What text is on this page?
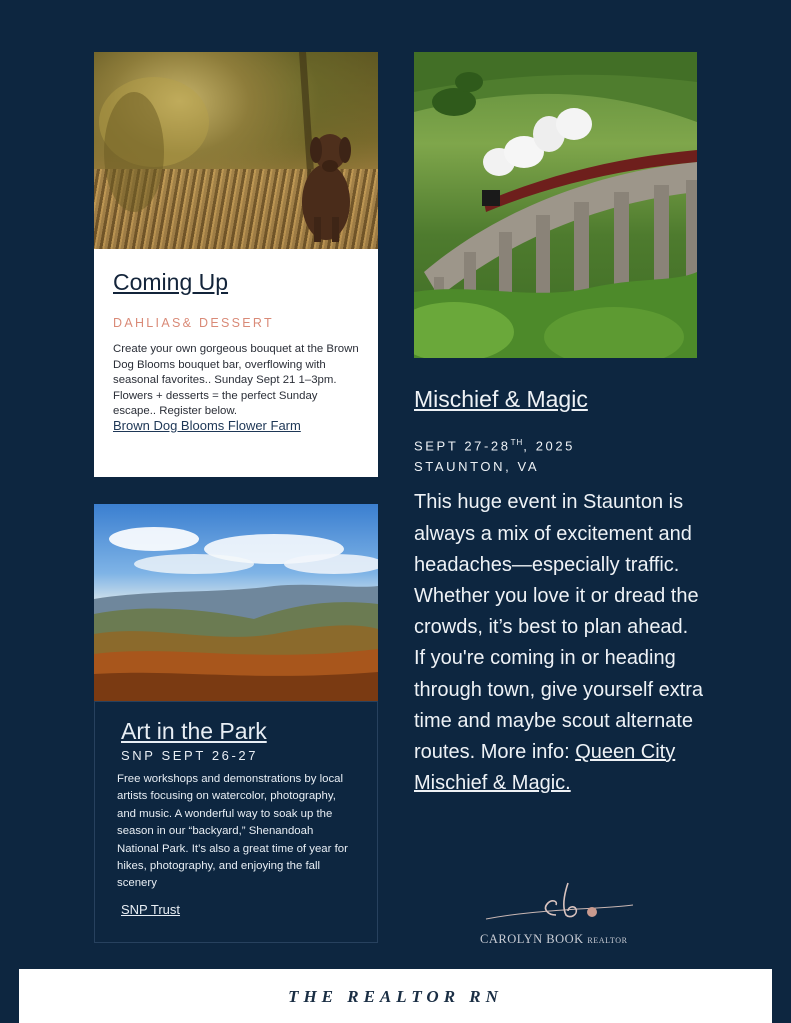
Coming Up
DAHLIAS& DESSERT
Create your own gorgeous bouquet at the Brown Dog Blooms bouquet bar, overflowing with seasonal favorites.. Sunday Sept 21 1–3pm. Flowers + desserts = the perfect Sunday escape.. Register below.
Brown Dog Blooms Flower Farm
Art in the Park
SNP SEPT 26-27
Free workshops and demonstrations by local artists focusing on watercolor, photography, and music. A wonderful way to soak up the season in our “backyard,” Shenandoah National Park. It’s also a great time of year for hikes, photography, and enjoying the fall scenery
SNP Trust
Mischief & Magic
SEPT 27-28TH, 2025
STAUNTON, VA
This huge event in Staunton is always a mix of excitement and headaches—especially traffic. Whether you love it or dread the crowds, it’s best to plan ahead. If you're coming in or heading through town, give yourself extra time and maybe scout alternate routes. More info: Queen City Mischief & Magic.
CAROLYN BOOK REALTOR
THE REALTOR RN
